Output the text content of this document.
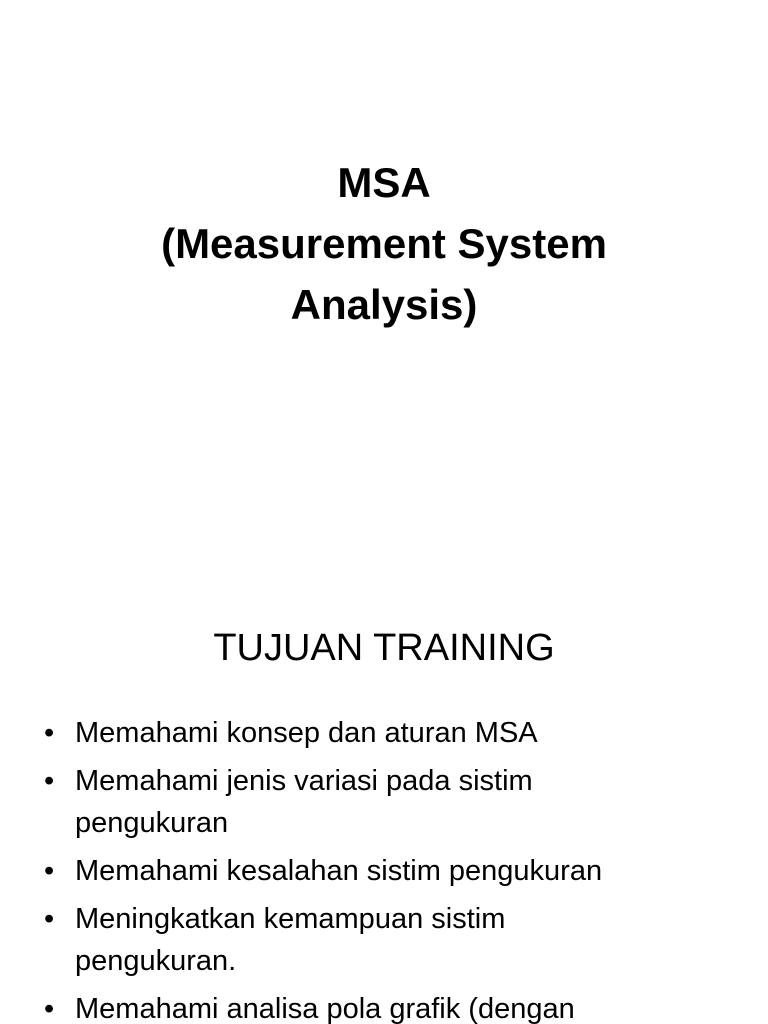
MSA
(Measurement System
Analysis)
TUJUAN TRAINING
• Memahami konsep dan aturan MSA
• Memahami jenis variasi pada sistim
pengukuran
• Memahami kesalahan sistim pengukuran
• Meningkatkan kemampuan sistim
pengukuran.
• Memahami analisa pola grafik (dengan
